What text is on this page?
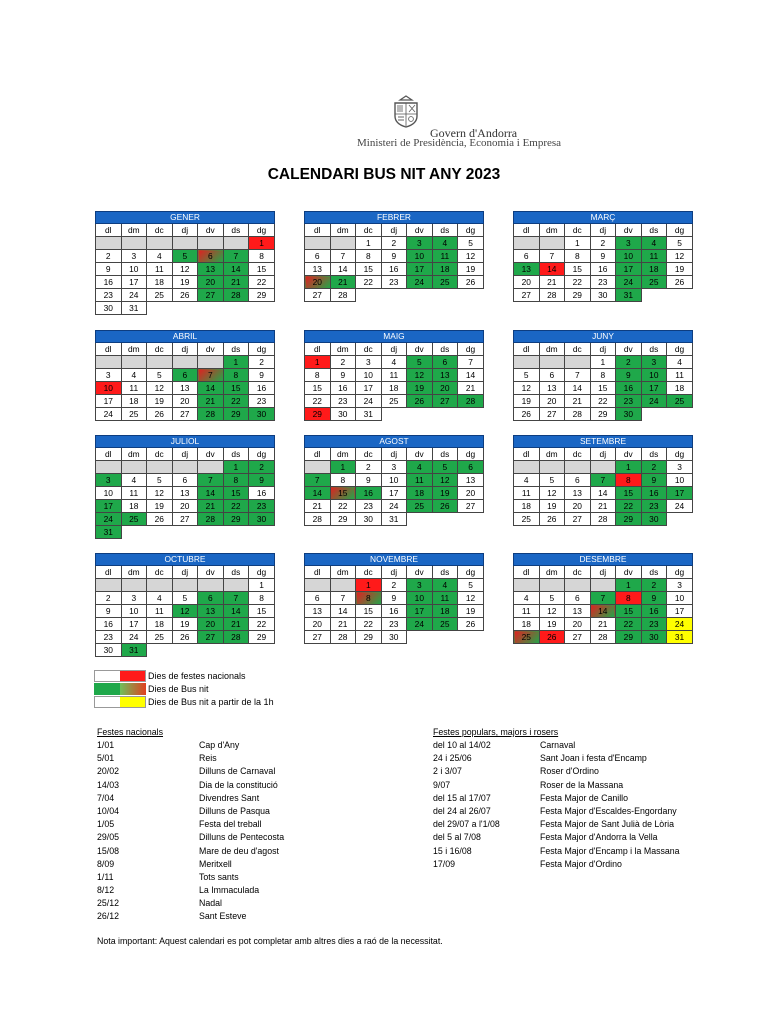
Govern d'Andorra
Ministeri de Presidència, Economia i Empresa
CALENDARI BUS NIT ANY 2023
GENER						
dl	dm	dc	dj	dv	ds	dg
						1
2	3	4	5	6	7	8
9	10	11	12	13	14	15
16	17	18	19	20	21	22
23	24	25	26	27	28	29
30	31					
FEBRER						
dl	dm	dc	dj	dv	ds	dg
		1	2	3	4	5
6	7	8	9	10	11	12
13	14	15	16	17	18	19
20	21	22	23	24	25	26
27	28					
MARÇ						
dl	dm	dc	dj	dv	ds	dg
		1	2	3	4	5
6	7	8	9	10	11	12
13	14	15	16	17	18	19
20	21	22	23	24	25	26
27	28	29	30	31		
ABRIL						
dl	dm	dc	dj	dv	ds	dg
					1	2
3	4	5	6	7	8	9
10	11	12	13	14	15	16
17	18	19	20	21	22	23
24	25	26	27	28	29	30
MAIG						
dl	dm	dc	dj	dv	ds	dg
1	2	3	4	5	6	7
8	9	10	11	12	13	14
15	16	17	18	19	20	21
22	23	24	25	26	27	28
29	30	31				
JUNY						
dl	dm	dc	dj	dv	ds	dg
			1	2	3	4
5	6	7	8	9	10	11
12	13	14	15	16	17	18
19	20	21	22	23	24	25
26	27	28	29	30		
JULIOL						
dl	dm	dc	dj	dv	ds	dg
					1	2
3	4	5	6	7	8	9
10	11	12	13	14	15	16
17	18	19	20	21	22	23
24	25	26	27	28	29	30
31						
AGOST						
dl	dm	dc	dj	dv	ds	dg
	1	2	3	4	5	6
7	8	9	10	11	12	13
14	15	16	17	18	19	20
21	22	23	24	25	26	27
28	29	30	31			
SETEMBRE						
dl	dm	dc	dj	dv	ds	dg
				1	2	3
4	5	6	7	8	9	10
11	12	13	14	15	16	17
18	19	20	21	22	23	24
25	26	27	28	29	30	
OCTUBRE						
dl	dm	dc	dj	dv	ds	dg
						1
2	3	4	5	6	7	8
9	10	11	12	13	14	15
16	17	18	19	20	21	22
23	24	25	26	27	28	29
30	31					
NOVEMBRE						
dl	dm	dc	dj	dv	ds	dg
		1	2	3	4	5
6	7	8	9	10	11	12
13	14	15	16	17	18	19
20	21	22	23	24	25	26
27	28	29	30			
DESEMBRE						
dl	dm	dc	dj	dv	ds	dg
				1	2	3
4	5	6	7	8	9	10
11	12	13	14	15	16	17
18	19	20	21	22	23	24
25	26	27	28	29	30	31
Dies de festes nacionals
Dies de Bus nit
Dies de Bus nit a partir de la 1h
Festes nacionals
1/01	Cap d'Any
5/01	Reis
20/02	Dilluns de Carnaval
14/03	Dia de la constitució
7/04	Divendres Sant
10/04	Dilluns de Pasqua
1/05	Festa del treball
29/05	Dilluns de Pentecosta
15/08	Mare de deu d'agost
8/09	Meritxell
1/11	Tots sants
8/12	La Immaculada
25/12	Nadal
26/12	Sant Esteve
Festes populars, majors i rosers
del 10 al 14/02	Carnaval
24 i 25/06	Sant Joan i festa d'Encamp
2 i 3/07	Roser d'Ordino
9/07	Roser de la Massana
del 15 al 17/07	Festa Major de Canillo
del 24 al 26/07	Festa Major d'Escaldes-Engordany
del 29/07 a l'1/08	Festa Major de Sant Julià de Lòria
del 5 al 7/08	Festa Major d'Andorra la Vella
15 i 16/08	Festa Major d'Encamp i la Massana
17/09	Festa Major d'Ordino
Nota important: Aquest calendari es pot completar amb altres dies a raó de la necessitat.
